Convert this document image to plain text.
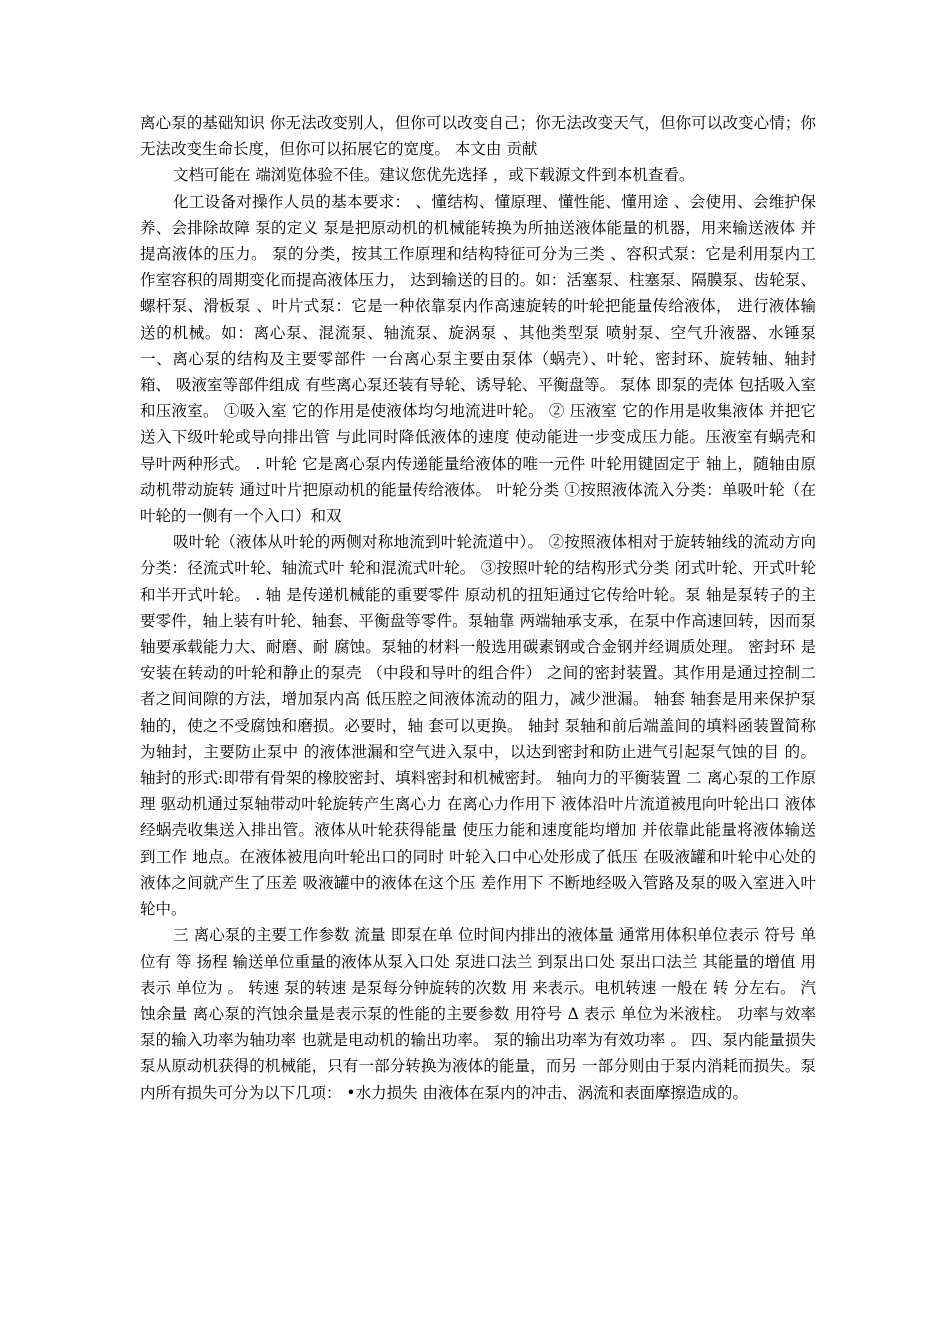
离心泵的基础知识 你无法改变别人，但你可以改变自己；你无法改变天气，但你可以改变心情；你无法改变生命长度，但你可以拓展它的宽度。 本文由 贡献

文档可能在 端浏览体验不佳。建议您优先选择 ，或下载源文件到本机查看。

化工设备对操作人员的基本要求： 、懂结构、懂原理、懂性能、懂用途 、会使用、会维护保养、会排除故障 泵的定义 泵是把原动机的机械能转换为所抽送液体能量的机器，用来输送液体 并提高液体的压力。 泵的分类，按其工作原理和结构特征可分为三类 、容积式泵：它是利用泵内工作室容积的周期变化而提高液体压力， 达到输送的目的。如：活塞泵、柱塞泵、隔膜泵、齿轮泵、螺杆泵、滑板泵 、叶片式泵：它是一种依靠泵内作高速旋转的叶轮把能量传给液体， 进行液体输送的机械。如：离心泵、混流泵、轴流泵、旋涡泵 、其他类型泵 喷射泵、空气升液器、水锤泵 一、离心泵的结构及主要零部件 一台离心泵主要由泵体（蜗壳）、叶轮、密封环、旋转轴、轴封箱、 吸液室等部件组成 有些离心泵还装有导轮、诱导轮、平衡盘等。 泵体 即泵的壳体 包括吸入室和压液室。 ①吸入室 它的作用是使液体均匀地流进叶轮。 ② 压液室 它的作用是收集液体 并把它送入下级叶轮或导向排出管 与此同时降低液体的速度 使动能进一步变成压力能。压液室有蜗壳和 导叶两种形式。 . 叶轮 它是离心泵内传递能量给液体的唯一元件 叶轮用键固定于 轴上，随轴由原动机带动旋转 通过叶片把原动机的能量传给液体。 叶轮分类 ①按照液体流入分类：单吸叶轮（在叶轮的一侧有一个入口）和双

吸叶轮（液体从叶轮的两侧对称地流到叶轮流道中）。 ②按照液体相对于旋转轴线的流动方向分类：径流式叶轮、轴流式叶 轮和混流式叶轮。 ③按照叶轮的结构形式分类 闭式叶轮、开式叶轮和半开式叶轮。 . 轴 是传递机械能的重要零件 原动机的扭矩通过它传给叶轮。泵 轴是泵转子的主要零件，轴上装有叶轮、轴套、平衡盘等零件。泵轴靠 两端轴承支承，在泵中作高速回转，因而泵轴要承载能力大、耐磨、耐 腐蚀。泵轴的材料一般选用碳素钢或合金钢并经调质处理。 密封环 是安装在转动的叶轮和静止的泵壳 （中段和导叶的组合件） 之间的密封装置。其作用是通过控制二者之间间隙的方法，增加泵内高 低压腔之间液体流动的阻力，减少泄漏。 轴套 轴套是用来保护泵轴的，使之不受腐蚀和磨损。必要时，轴 套可以更换。 轴封 泵轴和前后端盖间的填料函装置简称为轴封，主要防止泵中 的液体泄漏和空气进入泵中，以达到密封和防止进气引起泵气蚀的目 的。 轴封的形式:即带有骨架的橡胶密封、填料密封和机械密封。 轴向力的平衡装置 二 离心泵的工作原理 驱动机通过泵轴带动叶轮旋转产生离心力 在离心力作用下 液体沿叶片流道被甩向叶轮出口 液体经蜗壳收集送入排出管。液体从叶轮获得能量 使压力能和速度能均增加 并依靠此能量将液体输送到工作 地点。在液体被甩向叶轮出口的同时 叶轮入口中心处形成了低压 在吸液罐和叶轮中心处的液体之间就产生了压差 吸液罐中的液体在这个压 差作用下 不断地经吸入管路及泵的吸入室进入叶轮中。

三 离心泵的主要工作参数 流量 即泵在单 位时间内排出的液体量 通常用体积单位表示 符号 单位有 等 扬程 输送单位重量的液体从泵入口处 泵进口法兰 到泵出口处 泵出口法兰 其能量的增值 用 表示 单位为 。 转速 泵的转速 是泵每分钟旋转的次数 用 来表示。电机转速 一般在 转 分左右。 汽蚀余量 离心泵的汽蚀余量是表示泵的性能的主要参数 用符号 Δ 表示 单位为米液柱。 功率与效率 泵的输入功率为轴功率 也就是电动机的输出功率。 泵的输出功率为有效功率 。 四、泵内能量损失 泵从原动机获得的机械能，只有一部分转换为液体的能量，而另 一部分则由于泵内消耗而损失。泵内所有损失可分为以下几项： •水力损失 由液体在泵内的冲击、涡流和表面摩擦造成的。
